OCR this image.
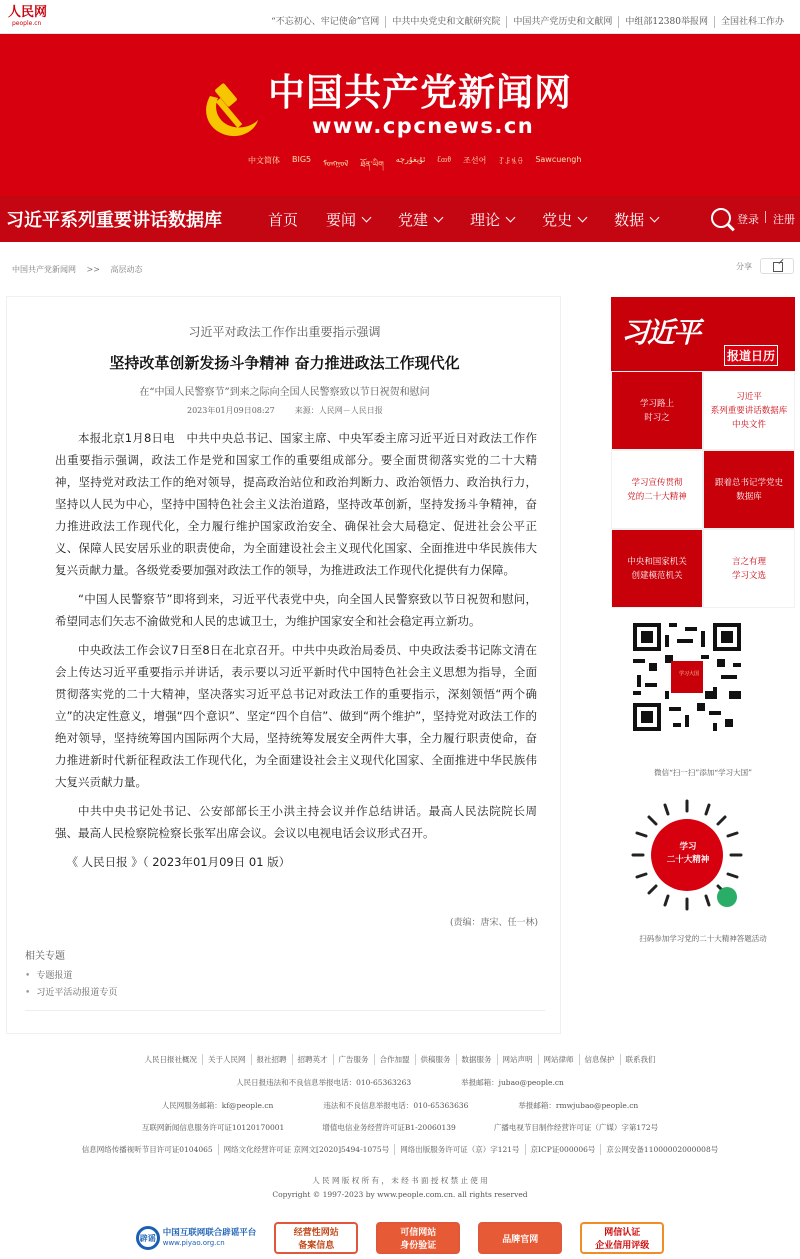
人民网
people.cn	“不忘初心、牢记使命”官网	中共中央党史和文献研究院	中国共产党历史和文献网	中组部12380举报网	全国社科工作办
中国共产党新闻网
www.cpcnews.cn
中文简体 BIG5 ᠮᠣᠩᠭᠣᠯ ཐོན་ཡིག
ئۇيغۇرچە ᦷᦎᦲ 조선어 ꆈꌠꁱꂷ Sawcuengh
习近平系列重要讲话数据库	首页 要闻	党建	理论	党史	数据	登录 注册
中国共产党新闻网 >> 高层动态	分享
习近平对政法工作作出重要指示强调
坚持改革创新发扬斗争精神 奋力推进政法工作现代化
在“中国人民警察节”到来之际向全国人民警察致以节日祝贺和慰问
2023年01月09日08:27	来源：人民网－人民日报

本报北京1月8日电　中共中央总书记、国家主席、中央军委主席习近平近日对政法工作作出重要指示强调，政法工作是党和国家工作的重要组成部分。要全面贯彻落实党的二十大精神，坚持党对政法工作的绝对领导，提高政治站位和政治判断力、政治领悟力、政治执行力，坚持以人民为中心，坚持中国特色社会主义法治道路，坚持改革创新，坚持发扬斗争精神，奋力推进政法工作现代化，全力履行维护国家政治安全、确保社会大局稳定、促进社会公平正义、保障人民安居乐业的职责使命，为全面建设社会主义现代化国家、全面推进中华民族伟大复兴贡献力量。各级党委要加强对政法工作的领导，为推进政法工作现代化提供有力保障。

“中国人民警察节”即将到来，习近平代表党中央，向全国人民警察致以节日祝贺和慰问，希望同志们矢志不渝做党和人民的忠诚卫士，为维护国家安全和社会稳定再立新功。

中央政法工作会议7日至8日在北京召开。中共中央政治局委员、中央政法委书记陈文清在会上传达习近平重要指示并讲话，表示要以习近平新时代中国特色社会主义思想为指导，全面贯彻落实党的二十大精神，坚决落实习近平总书记对政法工作的重要指示，深刻领悟“两个确立”的决定性意义，增强“四个意识”、坚定“四个自信”、做到“两个维护”，坚持党对政法工作的绝对领导，坚持统筹国内国际两个大局，坚持统筹发展安全两件大事，全力履行职责使命，奋力推进新时代新征程政法工作现代化，为全面建设社会主义现代化国家、全面推进中华民族伟大复兴贡献力量。

中共中央书记处书记、公安部部长王小洪主持会议并作总结讲话。最高人民法院院长周强、最高人民检察院检察长张军出席会议。会议以电视电话会议形式召开。

《 人民日报 》（ 2023年01月09日 01 版）

(责编：唐宋、任一林)
相关专题
• 专题报道
• 习近平活动报道专页
习近平
报道日历
学习路上
时习之
习近平
系列重要讲话数据库
中央文件
学习宣传贯彻
党的二十大精神
跟着总书记学党史
数据库
中央和国家机关
创建模范机关
言之有理
学习文选
学习大国
微信“扫一扫”添加“学习大国”
学习
二十大精神
扫码参加学习党的二十大精神答题活动
人民日报社概况	关于人民网	报社招聘	招聘英才	广告服务	合作加盟	供稿服务	数据服务	网站声明	网站律师	信息保护	联系我们
人民日报违法和不良信息举报电话：010-65363263	举报邮箱：jubao@people.cn
人民网服务邮箱：kf@people.cn	违法和不良信息举报电话：010-65363636	举报邮箱：rmwjubao@people.cn
互联网新闻信息服务许可证10120170001	增值电信业务经营许可证B1-20060139	广播电视节目制作经营许可证（广媒）字第172号
信息网络传播视听节目许可证0104065	网络文化经营许可证 京网文[2020]5494-1075号	网络出版服务许可证（京）字121号	京ICP证000006号	京公网安备11000002000008号
人 民 网 版 权 所 有 ， 未 经 书 面 授 权 禁 止 使 用
Copyright © 1997-2023 by www.people.com.cn. all rights reserved
辟谣 中国互联网联合辟谣平台
www.piyao.org.cn
经营性网站
备案信息
可信网站
身份验证
品牌官网
网信认证
企业信用评级
